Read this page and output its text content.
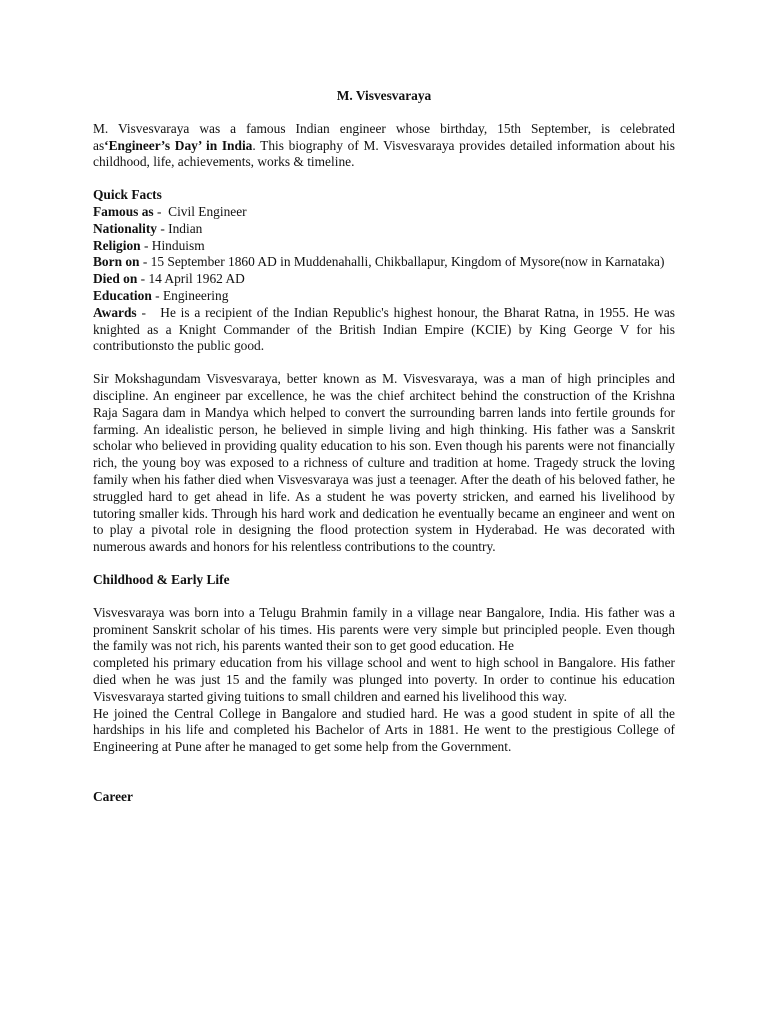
M. Visvesvaraya

M. Visvesvaraya was a famous Indian engineer whose birthday, 15th September, is celebrated as‘Engineer’s Day’ in India. This biography of M. Visvesvaraya provides detailed information about his childhood, life, achievements, works & timeline.

Quick Facts

Famous as -  Civil Engineer

Nationality - Indian

Religion - Hinduism

Born on - 15 September 1860 AD in Muddenahalli, Chikballapur, Kingdom of Mysore(now in Karnataka)

Died on - 14 April 1962 AD

Education - Engineering

Awards -   He is a recipient of the Indian Republic's highest honour, the Bharat Ratna, in 1955. He was knighted as a Knight Commander of the British Indian Empire (KCIE) by King George V for his contributionsto the public good.

Sir Mokshagundam Visvesvaraya, better known as M. Visvesvaraya, was a man of high principles and discipline. An engineer par excellence, he was the chief architect behind the construction of the Krishna Raja Sagara dam in Mandya which helped to convert the surrounding barren lands into fertile grounds for farming. An idealistic person, he believed in simple living and high thinking. His father was a Sanskrit scholar who believed in providing quality education to his son. Even though his parents were not financially rich, the young boy was exposed to a richness of culture and tradition at home. Tragedy struck the loving family when his father died when Visvesvaraya was just a teenager. After the death of his beloved father, he struggled hard to get ahead in life. As a student he was poverty stricken, and earned his livelihood by tutoring smaller kids. Through his hard work and dedication he eventually became an engineer and went on to play a pivotal role in designing the flood protection system in Hyderabad. He was decorated with numerous awards and honors for his relentless contributions to the country.

Childhood & Early Life

Visvesvaraya was born into a Telugu Brahmin family in a village near Bangalore, India. His father was a prominent Sanskrit scholar of his times. His parents were very simple but principled people. Even though the family was not rich, his parents wanted their son to get good education. He

completed his primary education from his village school and went to high school in Bangalore. His father died when he was just 15 and the family was plunged into poverty. In order to continue his education Visvesvaraya started giving tuitions to small children and earned his livelihood this way.

He joined the Central College in Bangalore and studied hard. He was a good student in spite of all the hardships in his life and completed his Bachelor of Arts in 1881. He went to the prestigious College of Engineering at Pune after he managed to get some help from the Government.

Career
